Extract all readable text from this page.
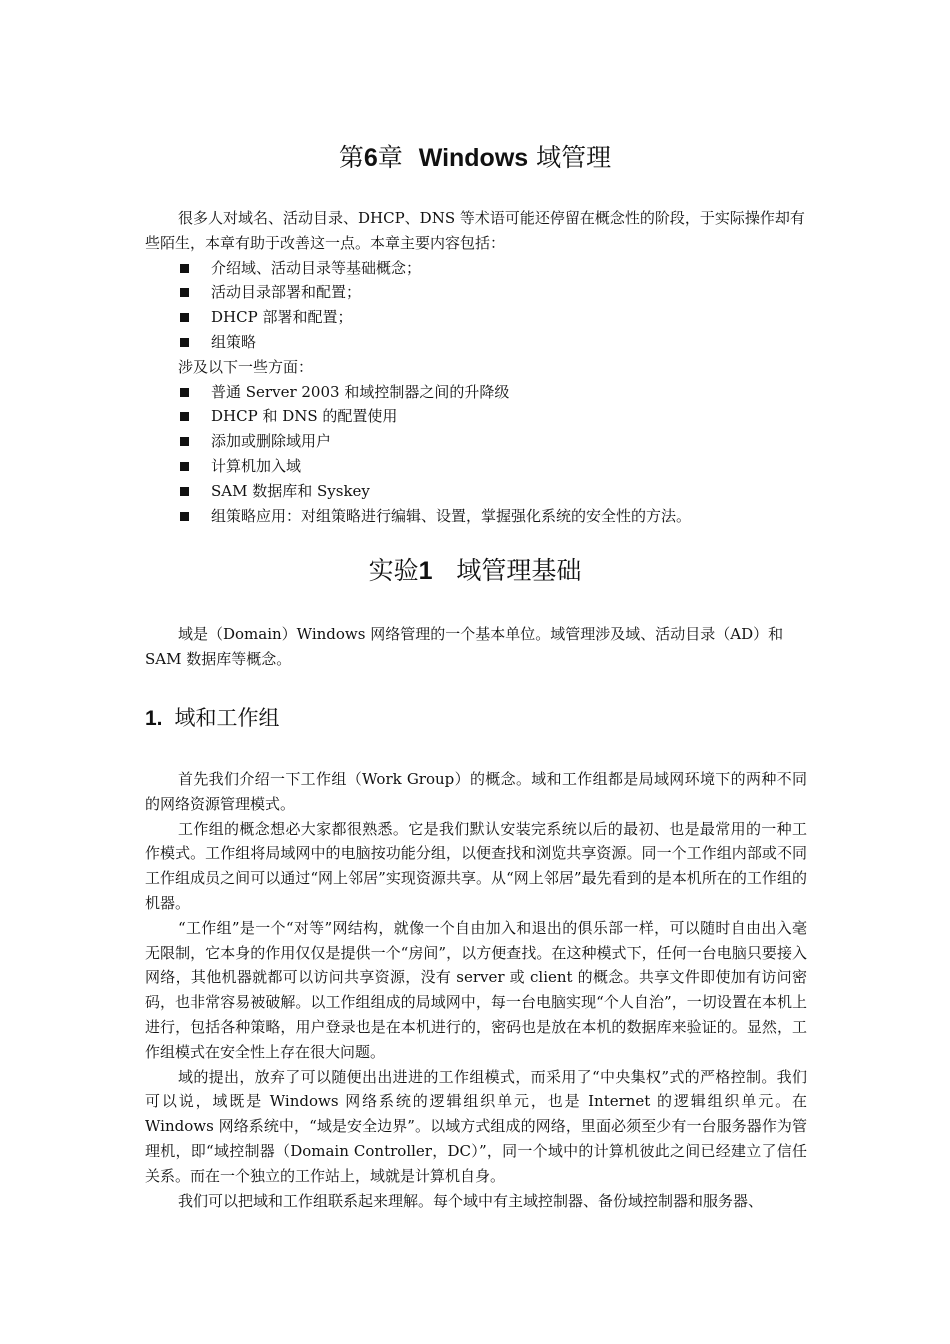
第6章 Windows 域管理

很多人对域名、活动目录、DHCP、DNS 等术语可能还停留在概念性的阶段，于实际操作却有些陌生，本章有助于改善这一点。本章主要内容包括：

介绍域、活动目录等基础概念；
活动目录部署和配置；
DHCP 部署和配置；
组策略

涉及以下一些方面：

普通 Server 2003 和域控制器之间的升降级
DHCP 和 DNS 的配置使用
添加或删除域用户
计算机加入域
SAM 数据库和 Syskey
组策略应用：对组策略进行编辑、设置，掌握强化系统的安全性的方法。
实验1 域管理基础

域是（Domain）Windows 网络管理的一个基本单位。域管理涉及域、活动目录（AD）和 SAM 数据库等概念。

1. 域和工作组

首先我们介绍一下工作组（Work Group）的概念。域和工作组都是局域网环境下的两种不同的网络资源管理模式。

工作组的概念想必大家都很熟悉。它是我们默认安装完系统以后的最初、也是最常用的一种工作模式。工作组将局域网中的电脑按功能分组，以便查找和浏览共享资源。同一个工作组内部或不同工作组成员之间可以通过“网上邻居”实现资源共享。从“网上邻居”最先看到的是本机所在的工作组的机器。

“工作组”是一个“对等”网结构，就像一个自由加入和退出的俱乐部一样，可以随时自由出入毫无限制，它本身的作用仅仅是提供一个“房间”，以方便查找。在这种模式下，任何一台电脑只要接入网络，其他机器就都可以访问共享资源，没有 server 或 client 的概念。共享文件即使加有访问密码，也非常容易被破解。以工作组组成的局域网中，每一台电脑实现“个人自治”，一切设置在本机上进行，包括各种策略，用户登录也是在本机进行的，密码也是放在本机的数据库来验证的。显然，工作组模式在安全性上存在很大问题。

域的提出，放弃了可以随便出出进进的工作组模式，而采用了“中央集权”式的严格控制。我们可以说，域既是 Windows 网络系统的逻辑组织单元，也是 Internet 的逻辑组织单元。在 Windows 网络系统中，“域是安全边界”。以域方式组成的网络，里面必须至少有一台服务器作为管理机，即“域控制器（Domain Controller，DC）”，同一个域中的计算机彼此之间已经建立了信任关系。而在一个独立的工作站上，域就是计算机自身。

我们可以把域和工作组联系起来理解。每个域中有主域控制器、备份域控制器和服务器、
